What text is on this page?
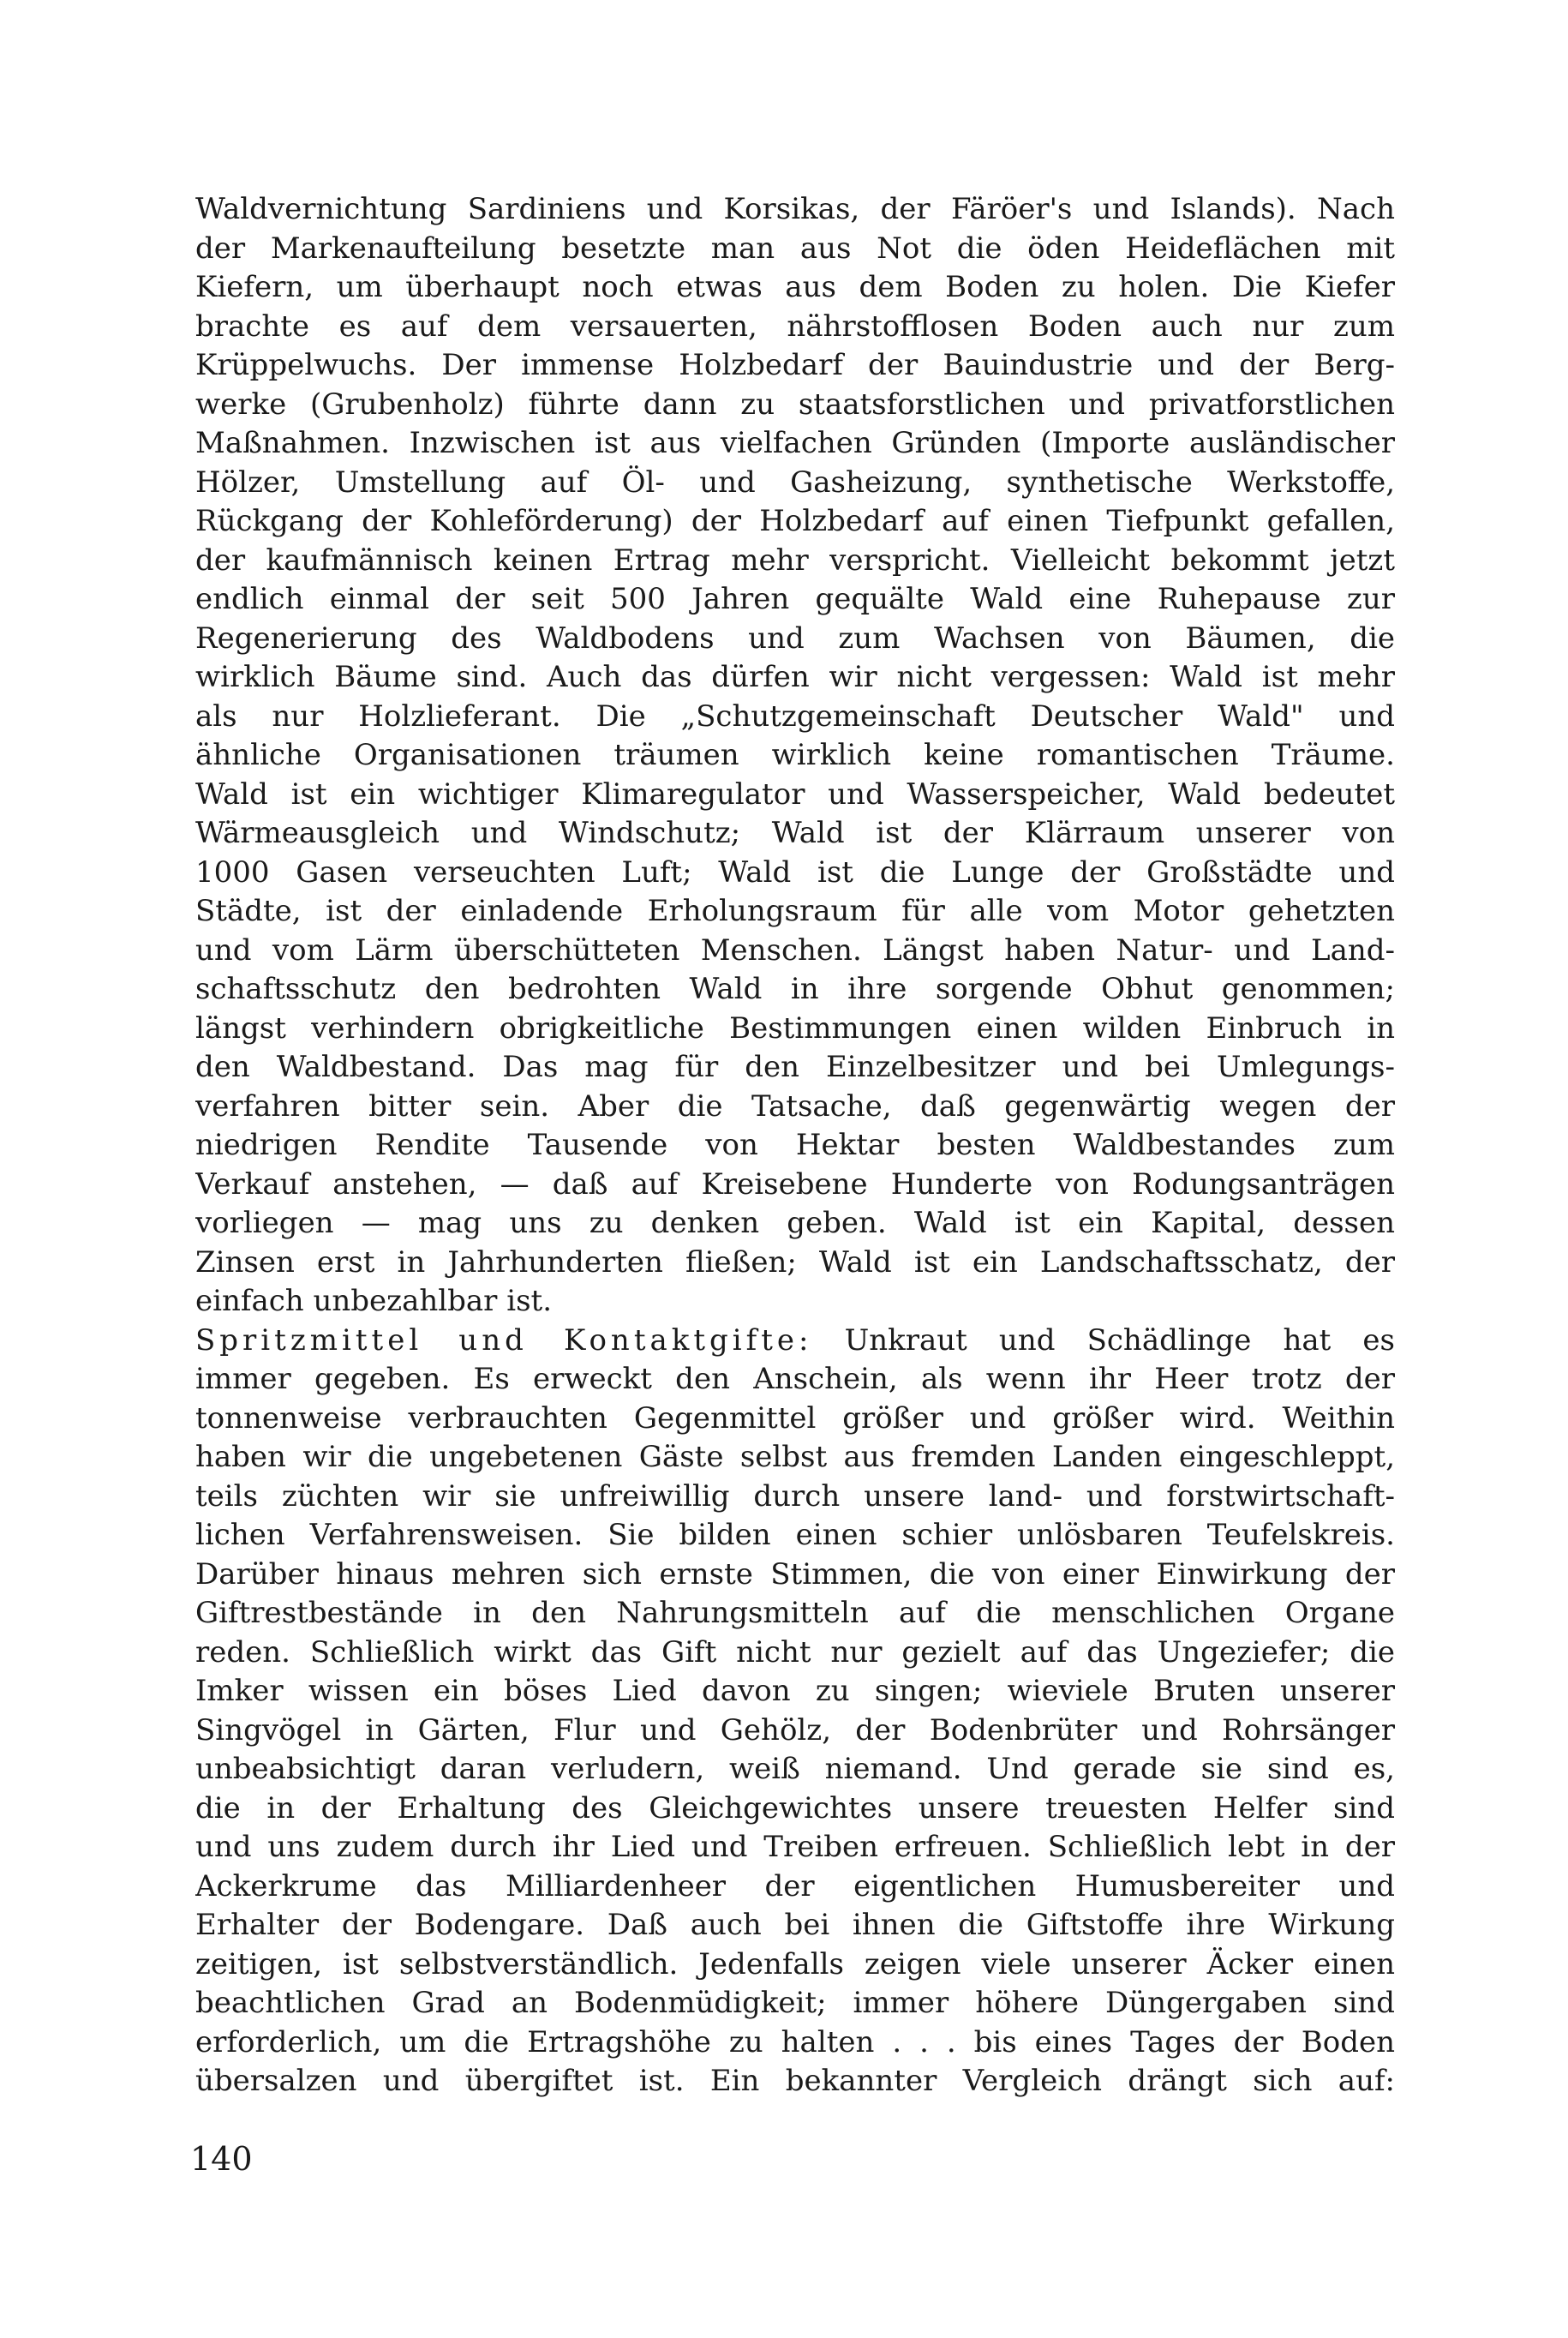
Waldvernichtung Sardiniens und Korsikas, der Färöer's und Islands). Nach
der Markenaufteilung besetzte man aus Not die öden Heideflächen mit
Kiefern, um überhaupt noch etwas aus dem Boden zu holen. Die Kiefer
brachte es auf dem versauerten, nährstofflosen Boden auch nur zum
Krüppelwuchs. Der immense Holzbedarf der Bauindustrie und der Berg-
werke (Grubenholz) führte dann zu staatsforstlichen und privatforstlichen
Maßnahmen. Inzwischen ist aus vielfachen Gründen (Importe ausländischer
Hölzer, Umstellung auf Öl- und Gasheizung, synthetische Werkstoffe,
Rückgang der Kohleförderung) der Holzbedarf auf einen Tiefpunkt gefallen,
der kaufmännisch keinen Ertrag mehr verspricht. Vielleicht bekommt jetzt
endlich einmal der seit 500 Jahren gequälte Wald eine Ruhepause zur
Regenerierung des Waldbodens und zum Wachsen von Bäumen, die
wirklich Bäume sind. Auch das dürfen wir nicht vergessen: Wald ist mehr
als nur Holzlieferant. Die „Schutzgemeinschaft Deutscher Wald" und
ähnliche Organisationen träumen wirklich keine romantischen Träume.
Wald ist ein wichtiger Klimaregulator und Wasserspeicher, Wald bedeutet
Wärmeausgleich und Windschutz; Wald ist der Klärraum unserer von
1000 Gasen verseuchten Luft; Wald ist die Lunge der Großstädte und
Städte, ist der einladende Erholungsraum für alle vom Motor gehetzten
und vom Lärm überschütteten Menschen. Längst haben Natur- und Land-
schaftsschutz den bedrohten Wald in ihre sorgende Obhut genommen;
längst verhindern obrigkeitliche Bestimmungen einen wilden Einbruch in
den Waldbestand. Das mag für den Einzelbesitzer und bei Umlegungs-
verfahren bitter sein. Aber die Tatsache, daß gegenwärtig wegen der
niedrigen Rendite Tausende von Hektar besten Waldbestandes zum
Verkauf anstehen, — daß auf Kreisebene Hunderte von Rodungsanträgen
vorliegen — mag uns zu denken geben. Wald ist ein Kapital, dessen
Zinsen erst in Jahrhunderten fließen; Wald ist ein Landschaftsschatz, der
einfach unbezahlbar ist.
Spritzmittel und Kontaktgifte: Unkraut und Schädlinge hat es
immer gegeben. Es erweckt den Anschein, als wenn ihr Heer trotz der
tonnenweise verbrauchten Gegenmittel größer und größer wird. Weithin
haben wir die ungebetenen Gäste selbst aus fremden Landen eingeschleppt,
teils züchten wir sie unfreiwillig durch unsere land- und forstwirtschaft-
lichen Verfahrensweisen. Sie bilden einen schier unlösbaren Teufelskreis.
Darüber hinaus mehren sich ernste Stimmen, die von einer Einwirkung der
Giftrestbestände in den Nahrungsmitteln auf die menschlichen Organe
reden. Schließlich wirkt das Gift nicht nur gezielt auf das Ungeziefer; die
Imker wissen ein böses Lied davon zu singen; wieviele Bruten unserer
Singvögel in Gärten, Flur und Gehölz, der Bodenbrüter und Rohrsänger
unbeabsichtigt daran verludern, weiß niemand. Und gerade sie sind es,
die in der Erhaltung des Gleichgewichtes unsere treuesten Helfer sind
und uns zudem durch ihr Lied und Treiben erfreuen. Schließlich lebt in der
Ackerkrume das Milliardenheer der eigentlichen Humusbereiter und
Erhalter der Bodengare. Daß auch bei ihnen die Giftstoffe ihre Wirkung
zeitigen, ist selbstverständlich. Jedenfalls zeigen viele unserer Äcker einen
beachtlichen Grad an Bodenmüdigkeit; immer höhere Düngergaben sind
erforderlich, um die Ertragshöhe zu halten . . . bis eines Tages der Boden
übersalzen und übergiftet ist. Ein bekannter Vergleich drängt sich auf:
140
